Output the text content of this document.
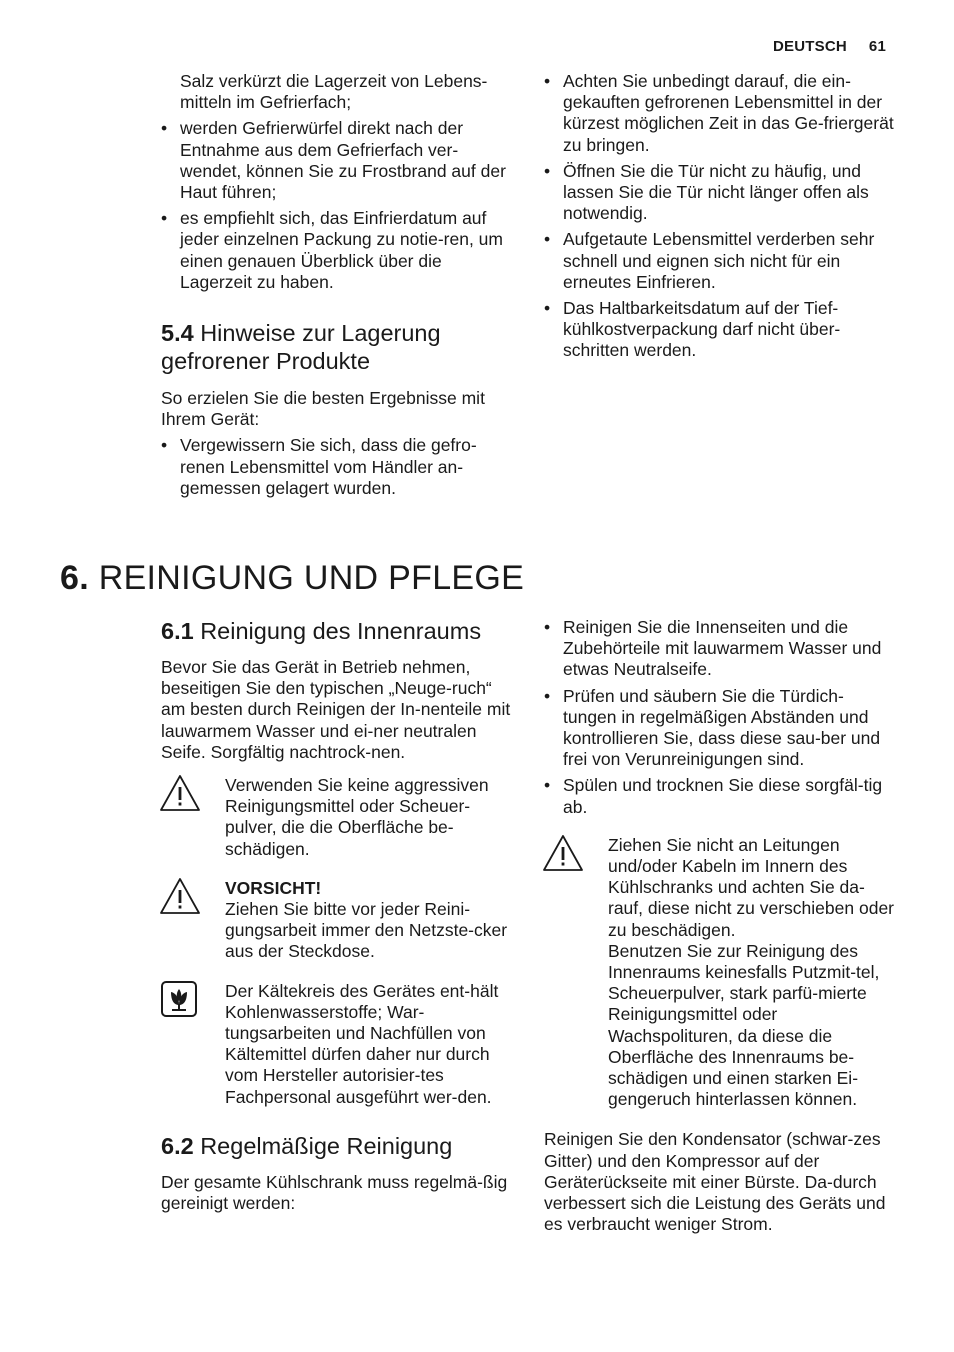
DEUTSCH 61

Salz verkürzt die Lagerzeit von Lebens-
mitteln im Gefrierfach;

• werden Gefrierwürfel direkt nach der Entnahme aus dem Gefrierfach ver-wendet, können Sie zu Frostbrand auf der Haut führen;
• es empfiehlt sich, das Einfrierdatum auf jeder einzelnen Packung zu notie-ren, um einen genauen Überblick über die Lagerzeit zu haben.
5.4 Hinweise zur Lagerung gefrorener Produkte

So erzielen Sie die besten Ergebnisse mit Ihrem Gerät:

• Vergewissern Sie sich, dass die gefro-renen Lebensmittel vom Händler an-gemessen gelagert wurden.
• Achten Sie unbedingt darauf, die ein-gekauften gefrorenen Lebensmittel in der kürzest möglichen Zeit in das Ge-friergerät zu bringen.
• Öffnen Sie die Tür nicht zu häufig, und lassen Sie die Tür nicht länger offen als notwendig.
• Aufgetaute Lebensmittel verderben sehr schnell und eignen sich nicht für ein erneutes Einfrieren.
• Das Haltbarkeitsdatum auf der Tief-kühlkostverpackung darf nicht über-schritten werden.
6. REINIGUNG UND PFLEGE
6.1 Reinigung des Innenraums

Bevor Sie das Gerät in Betrieb nehmen, beseitigen Sie den typischen „Neuge-ruch“ am besten durch Reinigen der In-nenteile mit lauwarmem Wasser und ei-ner neutralen Seife. Sorgfältig nachtrock-nen.

Verwenden Sie keine aggressiven Reinigungsmittel oder Scheuer-pulver, die die Oberfläche be-schädigen.

VORSICHT!

Ziehen Sie bitte vor jeder Reini-gungsarbeit immer den Netzste-cker aus der Steckdose.

Der Kältekreis des Gerätes ent-hält Kohlenwasserstoffe; War-tungsarbeiten und Nachfüllen von Kältemittel dürfen daher nur durch vom Hersteller autorisier-tes Fachpersonal ausgeführt wer-den.

6.2 Regelmäßige Reinigung

Der gesamte Kühlschrank muss regelmä-ßig gereinigt werden:

• Reinigen Sie die Innenseiten und die Zubehörteile mit lauwarmem Wasser und etwas Neutralseife.
• Prüfen und säubern Sie die Türdich-tungen in regelmäßigen Abständen und kontrollieren Sie, dass diese sau-ber und frei von Verunreinigungen sind.
• Spülen und trocknen Sie diese sorgfäl-tig ab.

Ziehen Sie nicht an Leitungen und/oder Kabeln im Innern des Kühlschranks und achten Sie da-rauf, diese nicht zu verschieben oder zu beschädigen.

Benutzen Sie zur Reinigung des Innenraums keinesfalls Putzmit-tel, Scheuerpulver, stark parfü-mierte Reinigungsmittel oder Wachspolituren, da diese die Oberfläche des Innenraums be-schädigen und einen starken Ei-gengeruch hinterlassen können.

Reinigen Sie den Kondensator (schwar-zes Gitter) und den Kompressor auf der Geräterückseite mit einer Bürste. Da-durch verbessert sich die Leistung des Geräts und es verbraucht weniger Strom.
